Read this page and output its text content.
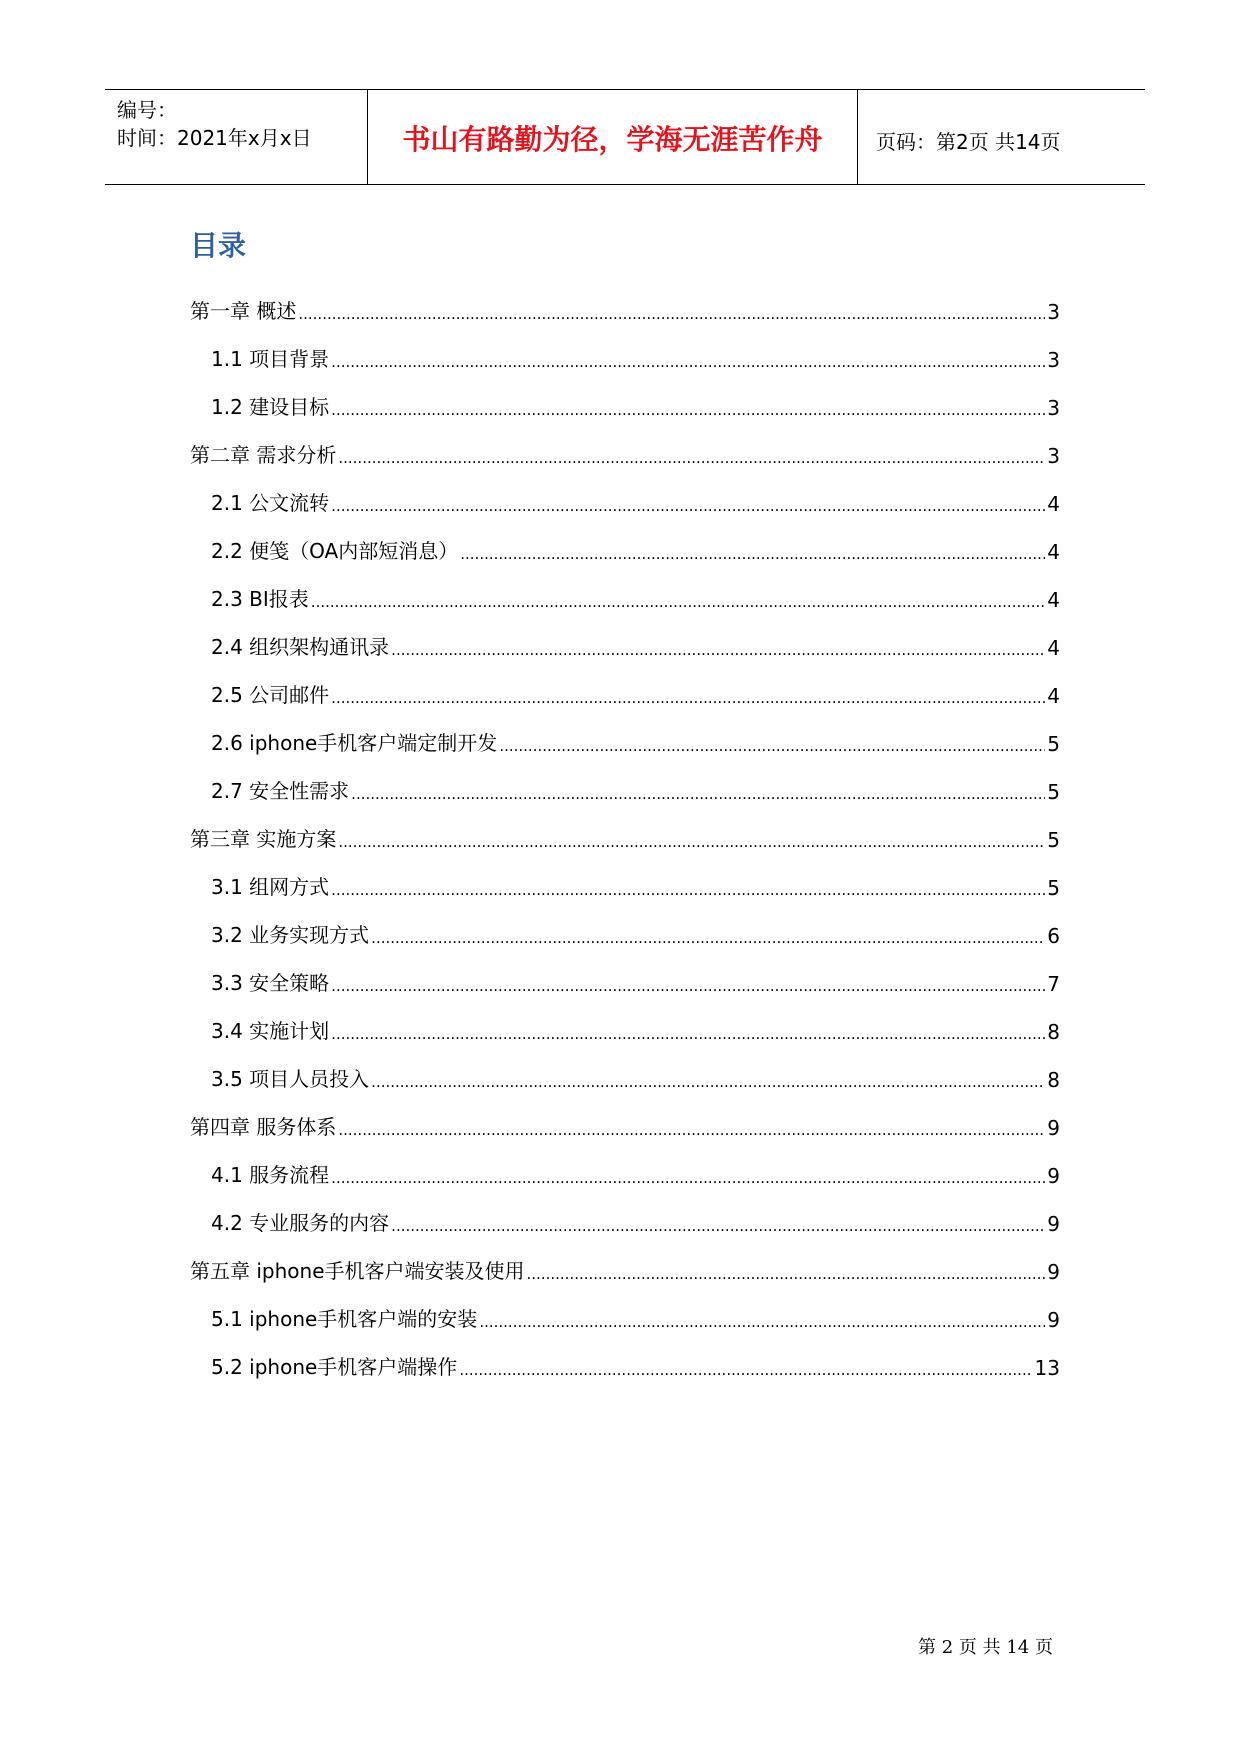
编号：
时间：2021年x月x日	书山有路勤为径，学海无涯苦作舟	页码：第2页 共14页
目录
第一章 概述 .....	3
1.1 项目背景 .....	3
1.2 建设目标 .....	3
第二章 需求分析 .....	3
2.1 公文流转 .....	4
2.2 便笺（OA内部短消息） .....	4
2.3 BI报表 .....	4
2.4 组织架构通讯录 .....	4
2.5 公司邮件 .....	4
2.6 iphone手机客户端定制开发 .....	5
2.7 安全性需求 .....	5
第三章 实施方案 .....	5
3.1 组网方式 .....	5
3.2 业务实现方式 .....	6
3.3 安全策略 .....	7
3.4 实施计划 .....	8
3.5 项目人员投入 .....	8
第四章 服务体系 .....	9
4.1 服务流程 .....	9
4.2 专业服务的内容 .....	9
第五章 iphone手机客户端安装及使用 .....	9
5.1 iphone手机客户端的安装 .....	9
5.2 iphone手机客户端操作 .....	13
第 2 页 共 14 页
